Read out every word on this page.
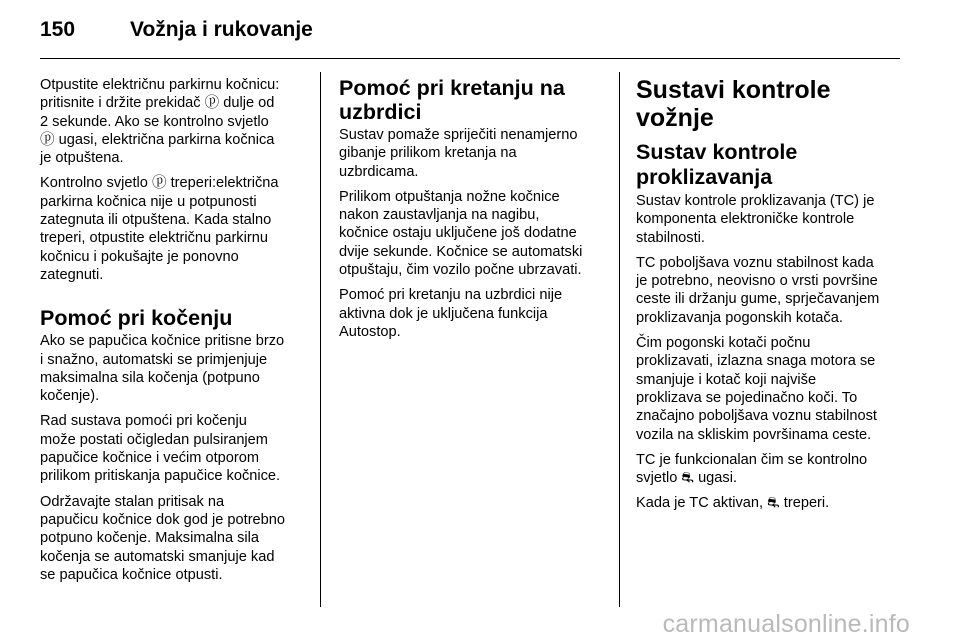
150	Vožnja i rukovanje

Otpustite električnu parkirnu kočnicu:
pritisnite i držite prekidač ⓟ dulje od
2 sekunde. Ako se kontrolno svjetlo
ⓟ ugasi, električna parkirna kočnica
je otpuštena.

Kontrolno svjetlo ⓟ treperi:električna
parkirna kočnica nije u potpunosti
zategnuta ili otpuštena. Kada stalno
treperi, otpustite električnu parkirnu
kočnicu i pokušajte je ponovno
zategnuti.

Pomoć pri kočenju

Ako se papučica kočnice pritisne brzo
i snažno, automatski se primjenjuje
maksimalna sila kočenja (potpuno
kočenje).

Rad sustava pomoći pri kočenju
može postati očigledan pulsiranjem
papučice kočnice i većim otporom
prilikom pritiskanja papučice kočnice.

Održavajte stalan pritisak na
papučicu kočnice dok god je potrebno
potpuno kočenje. Maksimalna sila
kočenja se automatski smanjuje kad
se papučica kočnice otpusti.

Pomoć pri kretanju na
uzbrdici

Sustav pomaže spriječiti nenamjerno
gibanje prilikom kretanja na
uzbrdicama.

Prilikom otpuštanja nožne kočnice
nakon zaustavljanja na nagibu,
kočnice ostaju uključene još dodatne
dvije sekunde. Kočnice se automatski
otpuštaju, čim vozilo počne ubrzavati.

Pomoć pri kretanju na uzbrdici nije
aktivna dok je uključena funkcija
Autostop.

Sustavi kontrole vožnje
Sustav kontrole
proklizavanja

Sustav kontrole proklizavanja (TC) je
komponenta elektroničke kontrole
stabilnosti.

TC poboljšava voznu stabilnost kada
je potrebno, neovisno o vrsti površine
ceste ili držanju gume, sprječavanjem
proklizavanja pogonskih kotača.

Čim pogonski kotači počnu
proklizavati, izlazna snaga motora se
smanjuje i kotač koji najviše
proklizava se pojedinačno koči. To
značajno poboljšava voznu stabilnost
vozila na skliskim površinama ceste.

TC je funkcionalan čim se kontrolno
svjetlo ⛐ ugasi.

Kada je TC aktivan, ⛐ treperi.

carmanualsonline.info
